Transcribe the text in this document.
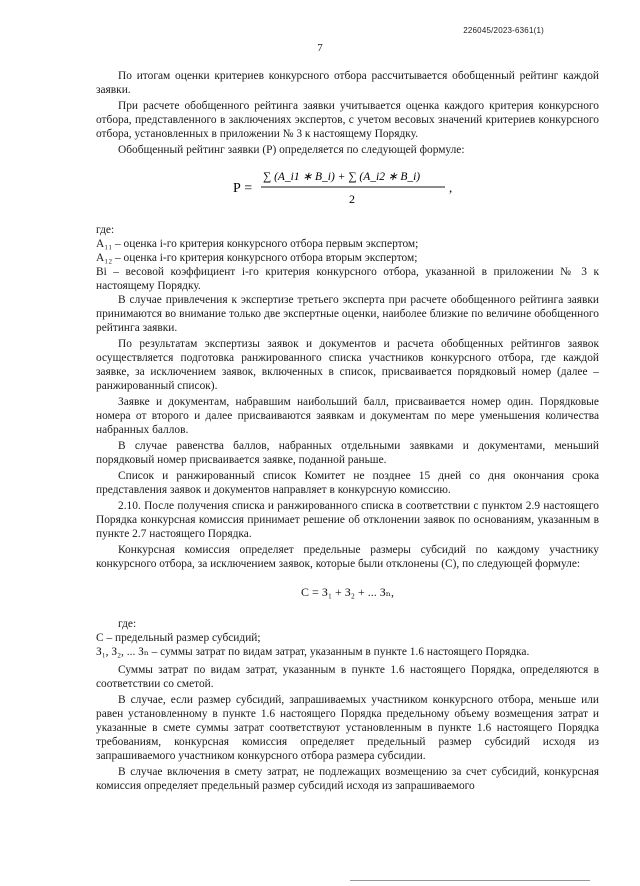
226045/2023-6361(1)
7

По итогам оценки критериев конкурсного отбора рассчитывается обобщенный рейтинг каждой заявки.

При расчете обобщенного рейтинга заявки учитывается оценка каждого критерия конкурсного отбора, представленного в заключениях экспертов, с учетом весовых значений критериев конкурсного отбора, установленных в приложении № 3 к настоящему Порядку.

Обобщенный рейтинг заявки (Р) определяется по следующей формуле:

Р =
∑ (A_i1 ∗ B_i) + ∑ (A_i2 ∗ B_i)
2
,

где:

А₁₁ – оценка i-го критерия конкурсного отбора первым экспертом;

А₁₂ – оценка i-го критерия конкурсного отбора вторым экспертом;

Вi – весовой коэффициент i-го критерия конкурсного отбора, указанной в приложении № 3 к настоящему Порядку.

В случае привлечения к экспертизе третьего эксперта при расчете обобщенного рейтинга заявки принимаются во внимание только две экспертные оценки, наиболее близкие по величине обобщенного рейтинга заявки.

По результатам экспертизы заявок и документов и расчета обобщенных рейтингов заявок осуществляется подготовка ранжированного списка участников конкурсного отбора, где каждой заявке, за исключением заявок, включенных в список, присваивается порядковый номер (далее – ранжированный список).

Заявке и документам, набравшим наибольший балл, присваивается номер один. Порядковые номера от второго и далее присваиваются заявкам и документам по мере уменьшения количества набранных баллов.

В случае равенства баллов, набранных отдельными заявками и документами, меньший порядковый номер присваивается заявке, поданной раньше.

Список и ранжированный список Комитет не позднее 15 дней со дня окончания срока представления заявок и документов направляет в конкурсную комиссию.

2.10. После получения списка и ранжированного списка в соответствии с пунктом 2.9 настоящего Порядка конкурсная комиссия принимает решение об отклонении заявок по основаниям, указанным в пункте 2.7 настоящего Порядка.

Конкурсная комиссия определяет предельные размеры субсидий по каждому участнику конкурсного отбора, за исключением заявок, которые были отклонены (С), по следующей формуле:

С = З₁ + З₂ + ... Зₙ,

где:

С – предельный размер субсидий;

З₁, З₂, ... Зₙ – суммы затрат по видам затрат, указанным в пункте 1.6 настоящего Порядка.

Суммы затрат по видам затрат, указанным в пункте 1.6 настоящего Порядка, определяются в соответствии со сметой.

В случае, если размер субсидий, запрашиваемых участником конкурсного отбора, меньше или равен установленному в пункте 1.6 настоящего Порядка предельному объему возмещения затрат и указанные в смете суммы затрат соответствуют установленным в пункте 1.6 настоящего Порядка требованиям, конкурсная комиссия определяет предельный размер субсидий исходя из запрашиваемого участником конкурсного отбора размера субсидии.

В случае включения в смету затрат, не подлежащих возмещению за счет субсидий, конкурсная комиссия определяет предельный размер субсидий исходя из запрашиваемого
